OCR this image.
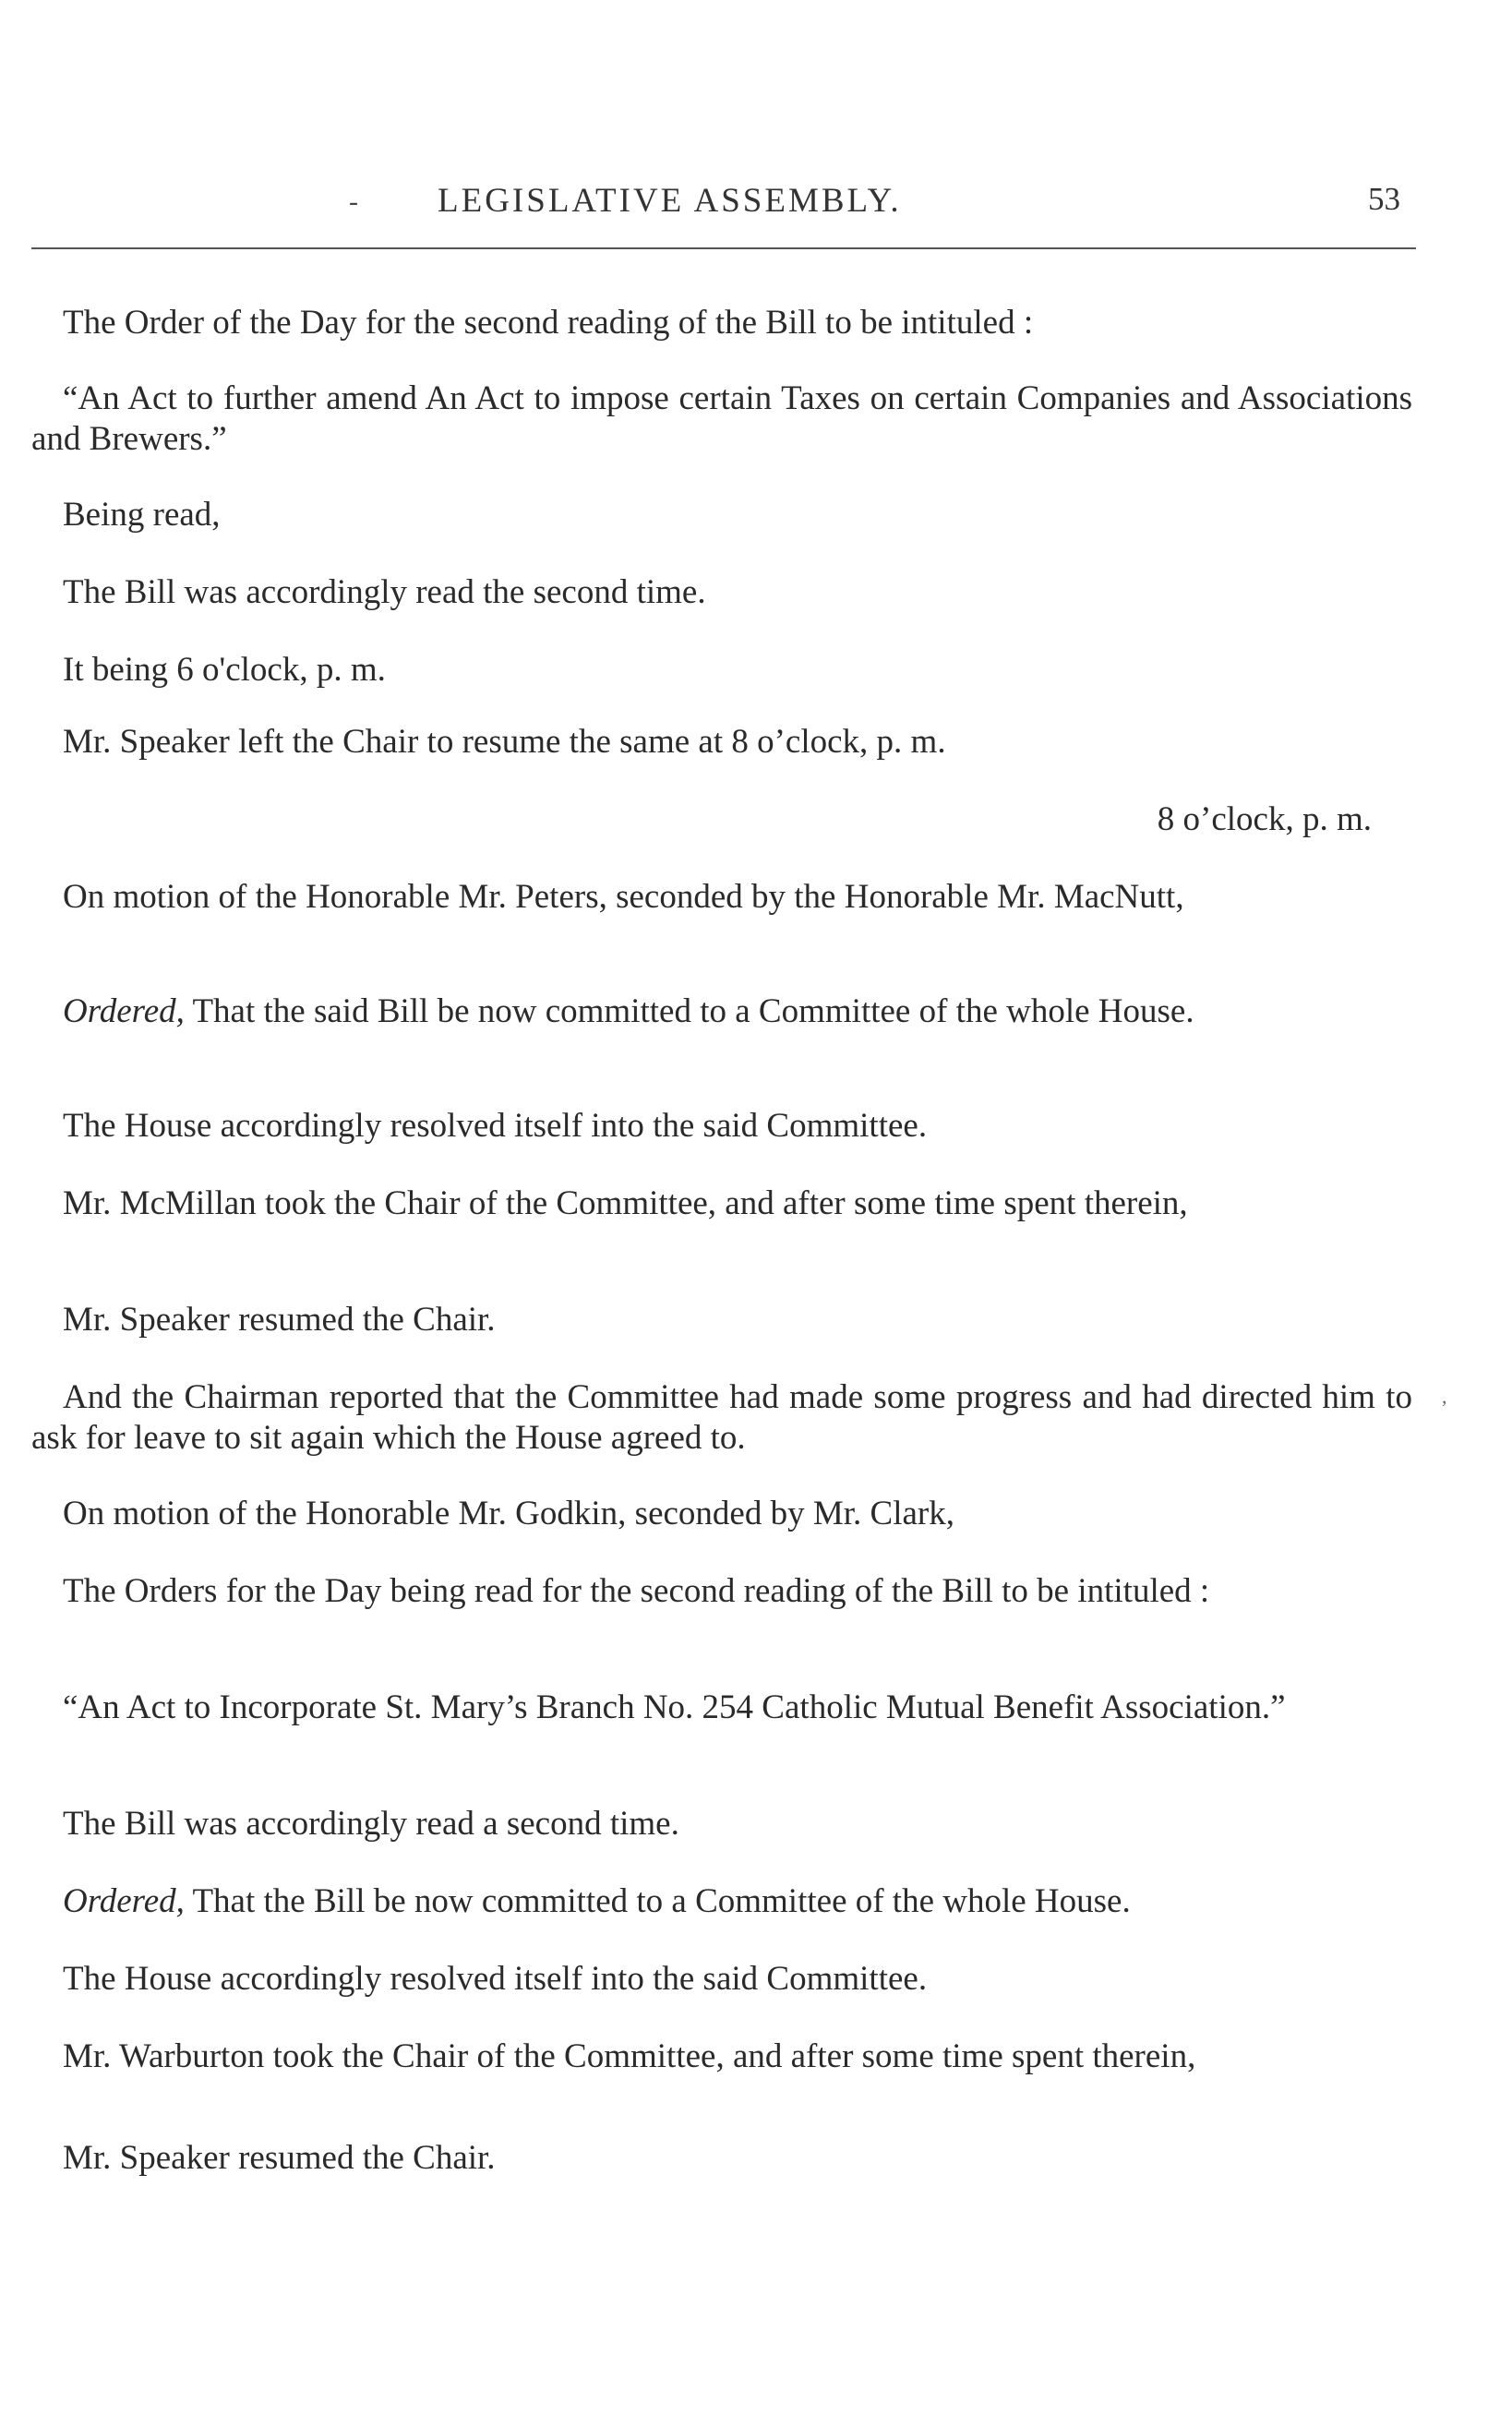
- LEGISLATIVE ASSEMBLY.	53

The Order of the Day for the second reading of the Bill to be intituled :

“An Act to further amend An Act to impose certain Taxes on certain Companies and Associations and Brewers.”

Being read,

The Bill was accordingly read the second time.

It being 6 o'clock, p. m.

Mr. Speaker left the Chair to resume the same at 8 o’clock, p. m.

8 o’clock, p. m.

On motion of the Honorable Mr. Peters, seconded by the Honorable Mr. MacNutt,

Ordered, That the said Bill be now committed to a Committee of the whole House.

The House accordingly resolved itself into the said Committee.

Mr. McMillan took the Chair of the Committee, and after some time spent therein,

Mr. Speaker resumed the Chair.

And the Chairman reported that the Committee had made some progress and had directed him to ask for leave to sit again which the House agreed to.

On motion of the Honorable Mr. Godkin, seconded by Mr. Clark,

The Orders for the Day being read for the second reading of the Bill to be intituled :

“An Act to Incorporate St. Mary’s Branch No. 254 Catholic Mutual Benefit Association.”

The Bill was accordingly read a second time.

Ordered, That the Bill be now committed to a Committee of the whole House.

The House accordingly resolved itself into the said Committee.

Mr. Warburton took the Chair of the Committee, and after some time spent therein,

Mr. Speaker resumed the Chair.

,
